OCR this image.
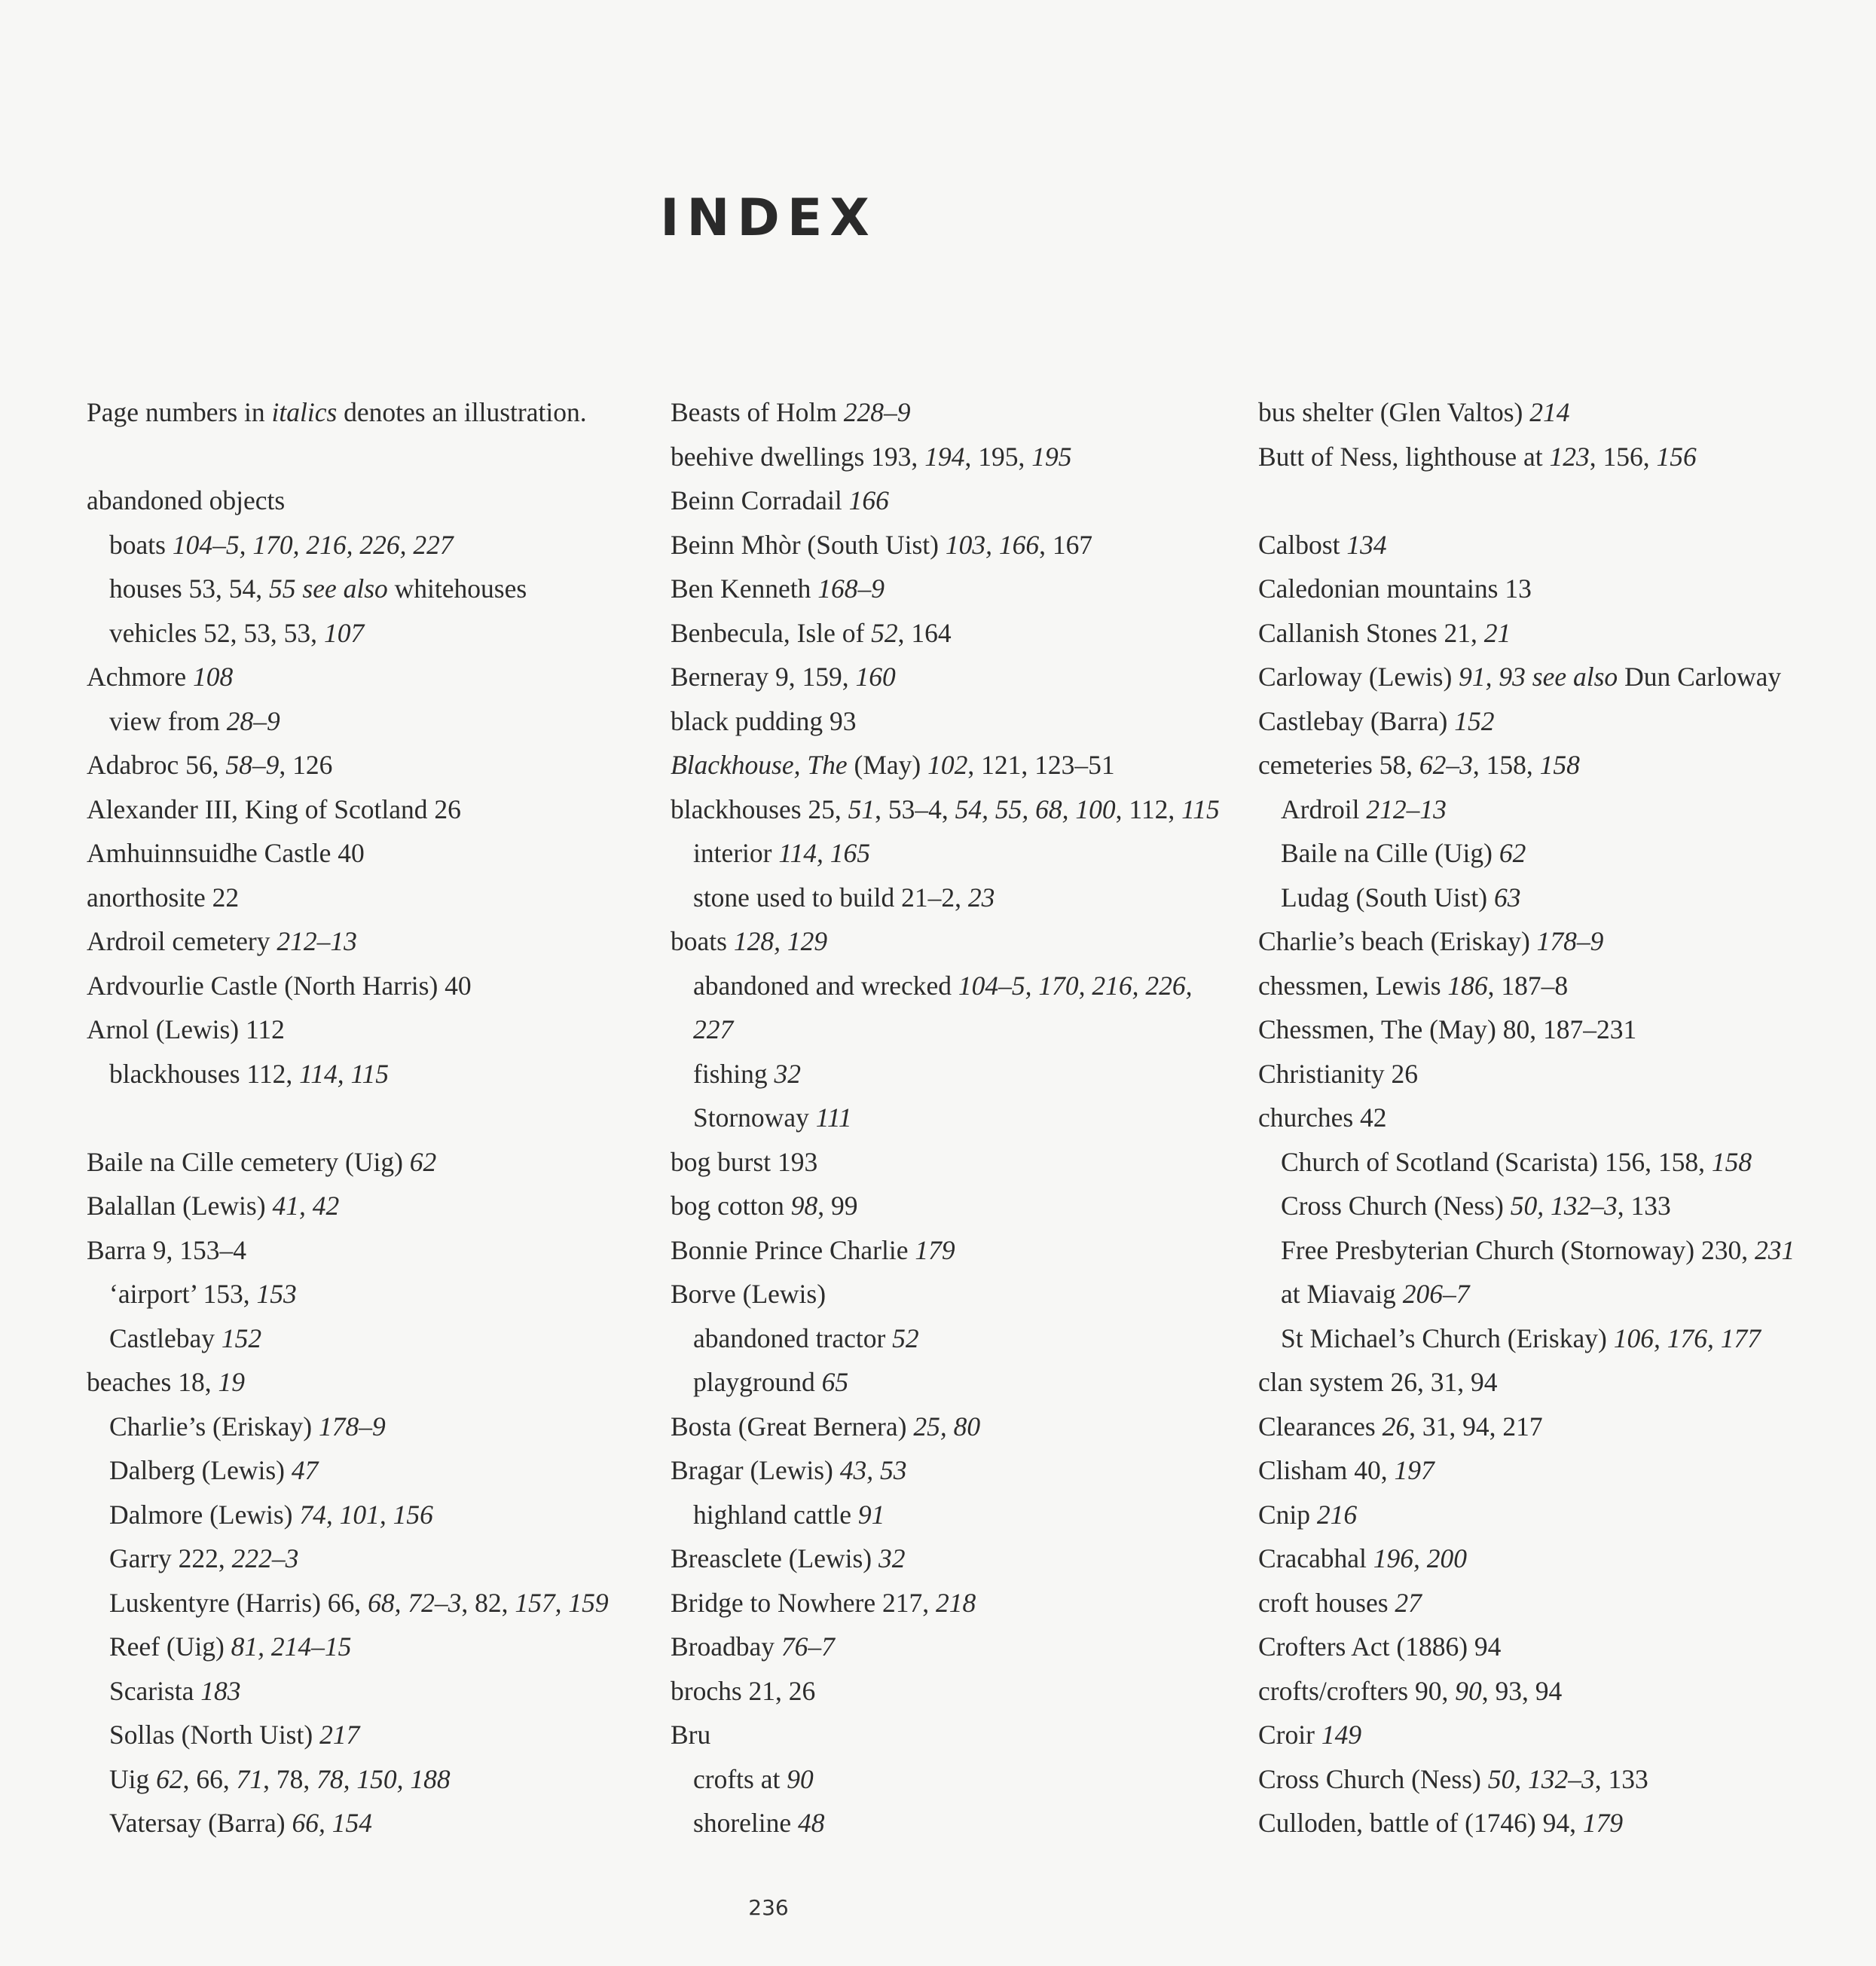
INDEX
Page numbers in italics denotes an illustration.
abandoned objects
boats 104–5, 170, 216, 226, 227
houses 53, 54, 55 see also whitehouses
vehicles 52, 53, 53, 107
Achmore 108
view from 28–9
Adabroc 56, 58–9, 126
Alexander III, King of Scotland 26
Amhuinnsuidhe Castle 40
anorthosite 22
Ardroil cemetery 212–13
Ardvourlie Castle (North Harris) 40
Arnol (Lewis) 112
blackhouses 112, 114, 115
Baile na Cille cemetery (Uig) 62
Balallan (Lewis) 41, 42
Barra 9, 153–4
‘airport’ 153, 153
Castlebay 152
beaches 18, 19
Charlie’s (Eriskay) 178–9
Dalberg (Lewis) 47
Dalmore (Lewis) 74, 101, 156
Garry 222, 222–3
Luskentyre (Harris) 66, 68, 72–3, 82, 157, 159
Reef (Uig) 81, 214–15
Scarista 183
Sollas (North Uist) 217
Uig 62, 66, 71, 78, 78, 150, 188
Vatersay (Barra) 66, 154
Beasts of Holm 228–9
beehive dwellings 193, 194, 195, 195
Beinn Corradail 166
Beinn Mhòr (South Uist) 103, 166, 167
Ben Kenneth 168–9
Benbecula, Isle of 52, 164
Berneray 9, 159, 160
black pudding 93
Blackhouse, The (May) 102, 121, 123–51
blackhouses 25, 51, 53–4, 54, 55, 68, 100, 112, 115
interior 114, 165
stone used to build 21–2, 23
boats 128, 129
abandoned and wrecked 104–5, 170, 216, 226,
227
fishing 32
Stornoway 111
bog burst 193
bog cotton 98, 99
Bonnie Prince Charlie 179
Borve (Lewis)
abandoned tractor 52
playground 65
Bosta (Great Bernera) 25, 80
Bragar (Lewis) 43, 53
highland cattle 91
Breasclete (Lewis) 32
Bridge to Nowhere 217, 218
Broadbay 76–7
brochs 21, 26
Bru
crofts at 90
shoreline 48
bus shelter (Glen Valtos) 214
Butt of Ness, lighthouse at 123, 156, 156
Calbost 134
Caledonian mountains 13
Callanish Stones 21, 21
Carloway (Lewis) 91, 93 see also Dun Carloway
Castlebay (Barra) 152
cemeteries 58, 62–3, 158, 158
Ardroil 212–13
Baile na Cille (Uig) 62
Ludag (South Uist) 63
Charlie’s beach (Eriskay) 178–9
chessmen, Lewis 186, 187–8
Chessmen, The (May) 80, 187–231
Christianity 26
churches 42
Church of Scotland (Scarista) 156, 158, 158
Cross Church (Ness) 50, 132–3, 133
Free Presbyterian Church (Stornoway) 230, 231
at Miavaig 206–7
St Michael’s Church (Eriskay) 106, 176, 177
clan system 26, 31, 94
Clearances 26, 31, 94, 217
Clisham 40, 197
Cnip 216
Cracabhal 196, 200
croft houses 27
Crofters Act (1886) 94
crofts/crofters 90, 90, 93, 94
Croir 149
Cross Church (Ness) 50, 132–3, 133
Culloden, battle of (1746) 94, 179
236
